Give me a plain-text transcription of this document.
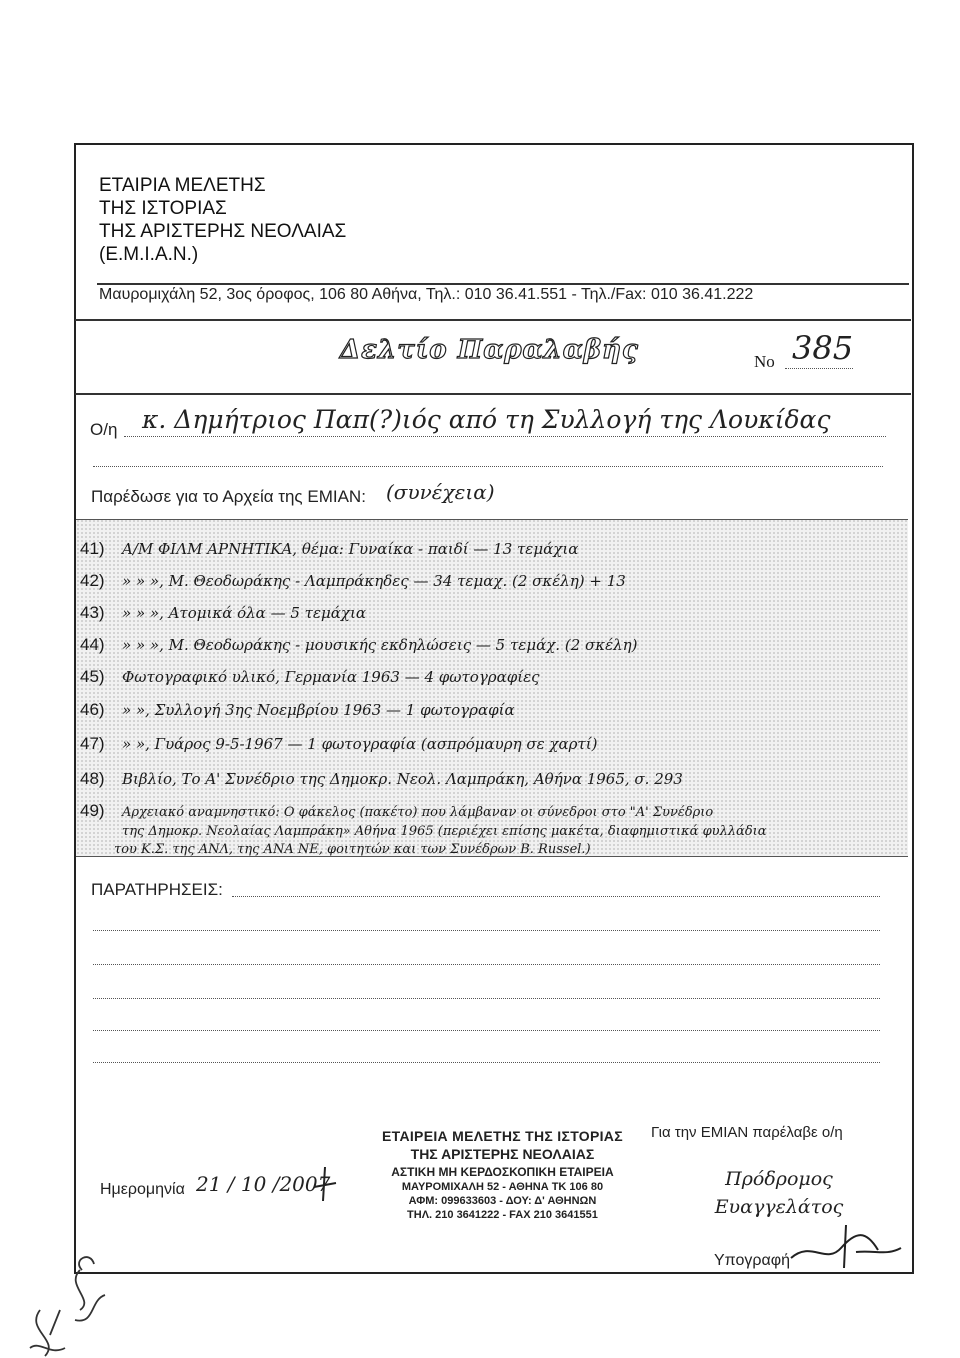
ΕΤΑΙΡΙΑ ΜΕΛΕΤΗΣ
ΤΗΣ ΙΣΤΟΡΙΑΣ
ΤΗΣ ΑΡΙΣΤΕΡΗΣ ΝΕΟΛΑΙΑΣ
(Ε.Μ.Ι.Α.Ν.)
Μαυρομιχάλη 52, 3ος όροφος, 106 80 Αθήνα, Τηλ.: 010 36.41.551 - Τηλ./Fax: 010 36.41.222
Δελτίο Παραλαβής	No 385
Ο/η κ. Δημήτριος Παπ(?)ιός από τη Συλλογή της Λουκίδας
Παρέδωσε για το Αρχεία της ΕΜΙΑΝ: (συνέχεια)
41) Α/Μ ΦΙΛΜ ΑΡΝΗΤΙΚΑ, θέμα: Γυναίκα - παιδί — 13 τεμάχια
42) » » », Μ. Θεοδωράκης - Λαμπράκηδες — 34 τεμαχ. (2 σκέλη) + 13
43) » » », Ατομικά όλα — 5 τεμάχια
44) » » », Μ. Θεοδωράκης - μουσικής εκδηλώσεις — 5 τεμάχ. (2 σκέλη)
45) Φωτογραφικό υλικό, Γερμανία 1963 — 4 φωτογραφίες
46) » », Συλλογή 3ης Νοεμβρίου 1963 — 1 φωτογραφία
47) » », Γυάρος 9-5-1967 — 1 φωτογραφία (ασπρόμαυρη σε χαρτί)
48) Βιβλίο, Το Α' Συνέδριο της Δημοκρ. Νεολ. Λαμπράκη, Αθήνα 1965, σ. 293
49) Αρχειακό αναμνηστικό: Ο φάκελος (πακέτο) που λάμβαναν οι σύνεδροι στο "Α' Συνέδριο
της Δημοκρ. Νεολαίας Λαμπράκη» Αθήνα 1965 (περιέχει επίσης μακέτα, διαφημιστικά φυλλάδια
του Κ.Σ. της ΑΝΛ, της ΑΝΑ ΝΕ, φοιτητών και των Συνέδρων Β. Russel.)
ΠΑΡΑΤΗΡΗΣΕΙΣ:
Ημερομηνία 21 / 10 /2007
ΕΤΑΙΡΕΙΑ ΜΕΛΕΤΗΣ ΤΗΣ ΙΣΤΟΡΙΑΣ
ΤΗΣ ΑΡΙΣΤΕΡΗΣ ΝΕΟΛΑΙΑΣ
ΑΣΤΙΚΗ ΜΗ ΚΕΡΔΟΣΚΟΠΙΚΗ ΕΤΑΙΡΕΙΑ
ΜΑΥΡΟΜΙΧΑΛΗ 52 - ΑΘΗΝΑ ΤΚ 106 80
ΑΦΜ: 099633603 - ΔΟΥ: Δ' ΑΘΗΝΩΝ
ΤΗΛ. 210 3641222 - FAX 210 3641551
Για την ΕΜΙΑΝ παρέλαβε ο/η
Πρόδρομος Ευαγγελάτος
Υπογραφή
